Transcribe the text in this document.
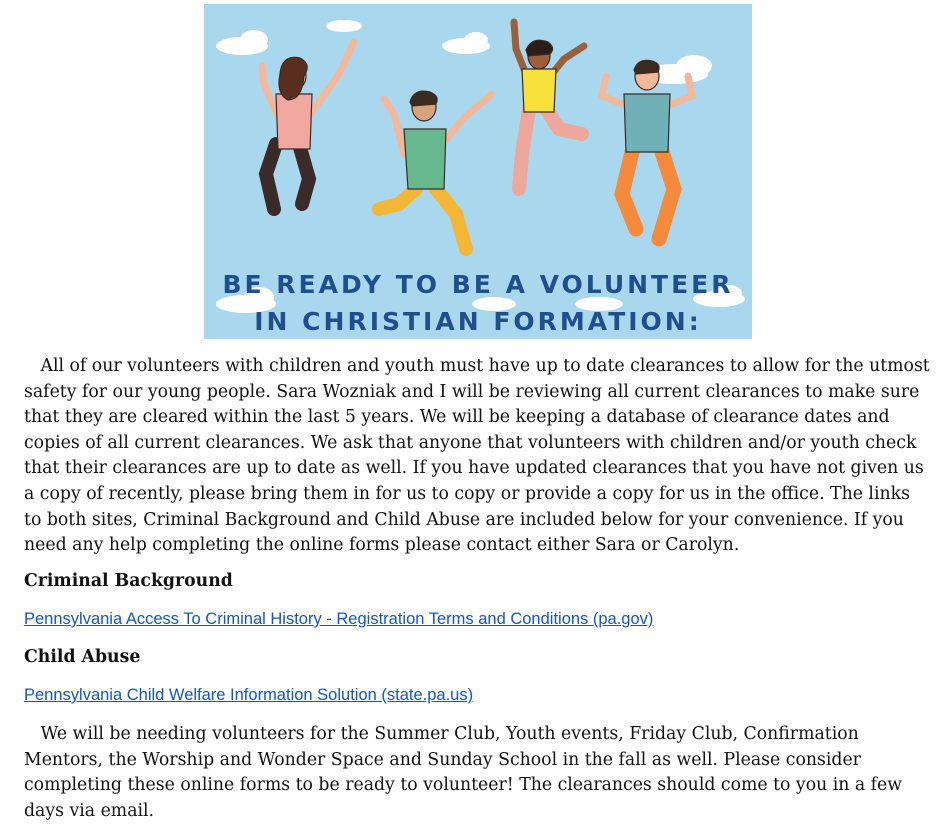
BE READY TO BE A VOLUNTEER
IN CHRISTIAN FORMATION:

All of our volunteers with children and youth must have up to date clearances to allow for the utmost safety for our young people. Sara Wozniak and I will be reviewing all current clearances to make sure that they are cleared within the last 5 years. We will be keeping a database of clearance dates and copies of all current clearances. We ask that anyone that volunteers with children and/or youth check that their clearances are up to date as well. If you have updated clearances that you have not given us a copy of recently, please bring them in for us to copy or provide a copy for us in the office. The links to both sites, Criminal Background and Child Abuse are included below for your convenience. If you need any help completing the online forms please contact either Sara or Carolyn.

Criminal Background

Pennsylvania Access To Criminal History - Registration Terms and Conditions (pa.gov)

Child Abuse

Pennsylvania Child Welfare Information Solution (state.pa.us)

We will be needing volunteers for the Summer Club, Youth events, Friday Club, Confirmation Mentors, the Worship and Wonder Space and Sunday School in the fall as well. Please consider completing these online forms to be ready to volunteer! The clearances should come to you in a few days via email.
